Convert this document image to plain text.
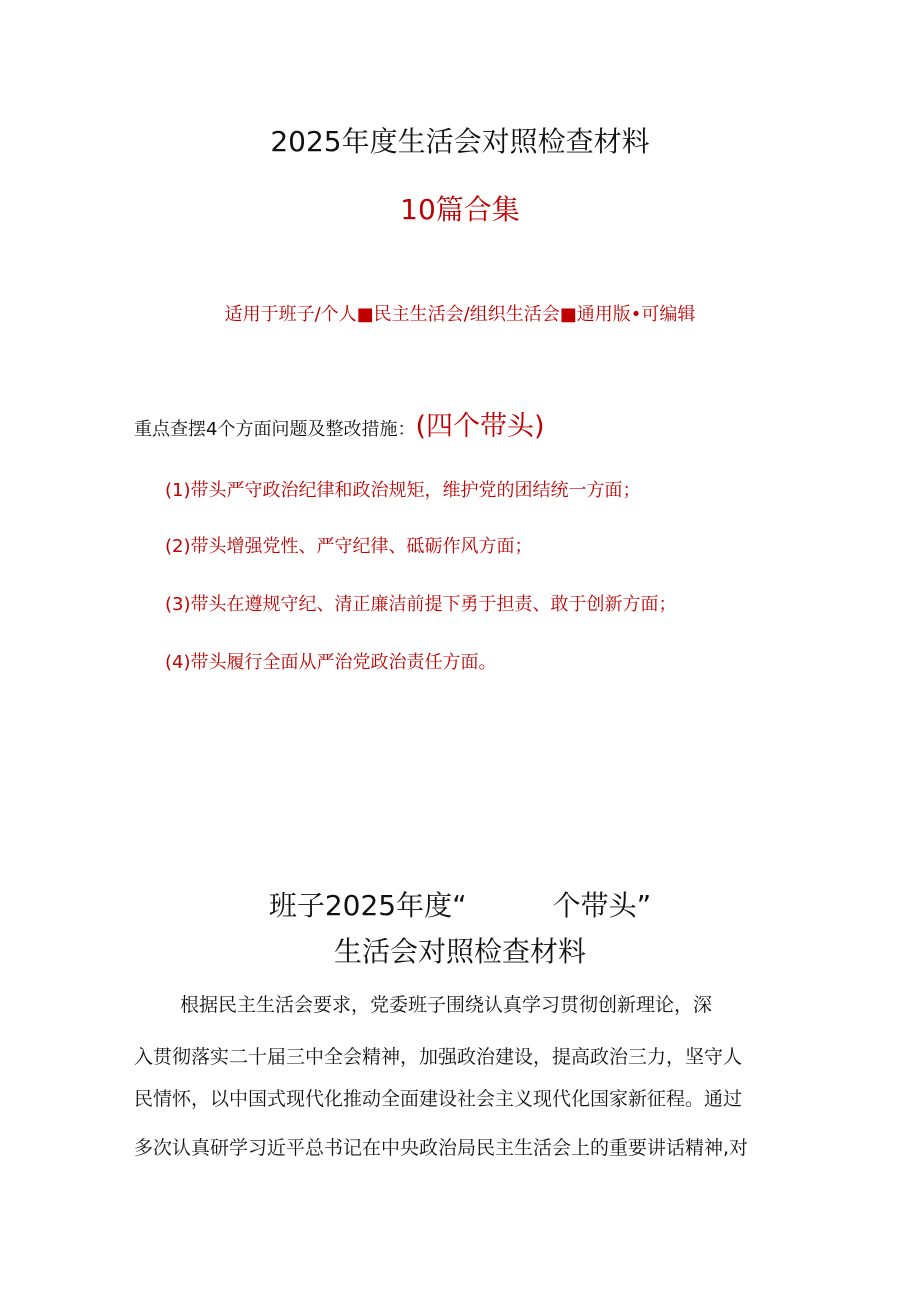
2025年度生活会对照检查材料
10篇合集
适用于班子/个人■民主生活会/组织生活会■通用版•可编辑
重点查摆4个方面问题及整改措施：(四个带头)
(1)带头严守政治纪律和政治规矩，维护党的团结统一方面；
(2)带头增强党性、严守纪律、砥砺作风方面；
(3)带头在遵规守纪、清正廉洁前提下勇于担责、敢于创新方面；
(4)带头履行全面从严治党政治责任方面。
班子2025年度“	个带头”
生活会对照检查材料
根据民主生活会要求，党委班子围绕认真学习贯彻创新理论，深
入贯彻落实二十届三中全会精神，加强政治建设，提高政治三力，坚守人
民情怀，以中国式现代化推动全面建设社会主义现代化国家新征程。通过
多次认真研学习近平总书记在中央政治局民主生活会上的重要讲话精神,对
